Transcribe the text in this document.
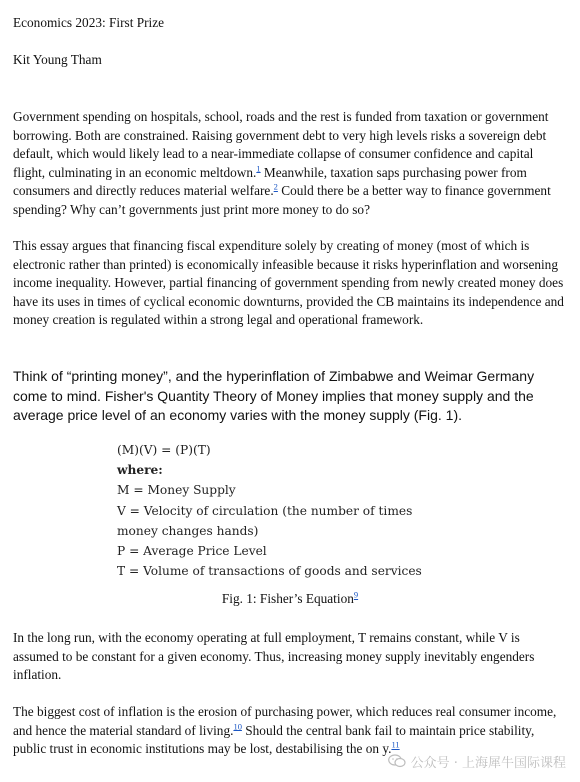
Economics 2023: First Prize
Kit Young Tham

Government spending on hospitals, school, roads and the rest is funded from taxation or government borrowing. Both are constrained. Raising government debt to very high levels risks a sovereign debt default, which would likely lead to a near-immediate collapse of consumer confidence and capital flight, culminating in an economic meltdown.$^1$ Meanwhile, taxation saps purchasing power from consumers and directly reduces material welfare.$^2$ Could there be a better way to finance government spending? Why can’t governments just print more money to do so?

This essay argues that financing fiscal expenditure solely by creating of money (most of which is electronic rather than printed) is economically infeasible because it risks hyperinflation and worsening income inequality. However, partial financing of government spending from newly created money does have its uses in times of cyclical economic downturns, provided the CB maintains its independence and money creation is regulated within a strong legal and operational framework.

Think of “printing money”, and the hyperinflation of Zimbabwe and Weimar Germany come to mind. Fisher's Quantity Theory of Money implies that money supply and the average price level of an economy varies with the money supply (Fig. 1).

(M)(V) = (P)(T)
where:
M = Money Supply
V = Velocity of circulation (the number of times
money changes hands)
P = Average Price Level
T = Volume of transactions of goods and services
Fig. 1: Fisher’s Equation$^9$

In the long run, with the economy operating at full employment, T remains constant, while V is assumed to be constant for a given economy. Thus, increasing money supply inevitably engenders inflation.

The biggest cost of inflation is the erosion of purchasing power, which reduces real consumer income, and hence the material standard of living.$^{10}$ Should the central bank fail to maintain price stability, public trust in economic institutions may be lost, destabilising the on y.$^{11}$

公众号 · 上海犀牛国际课程
